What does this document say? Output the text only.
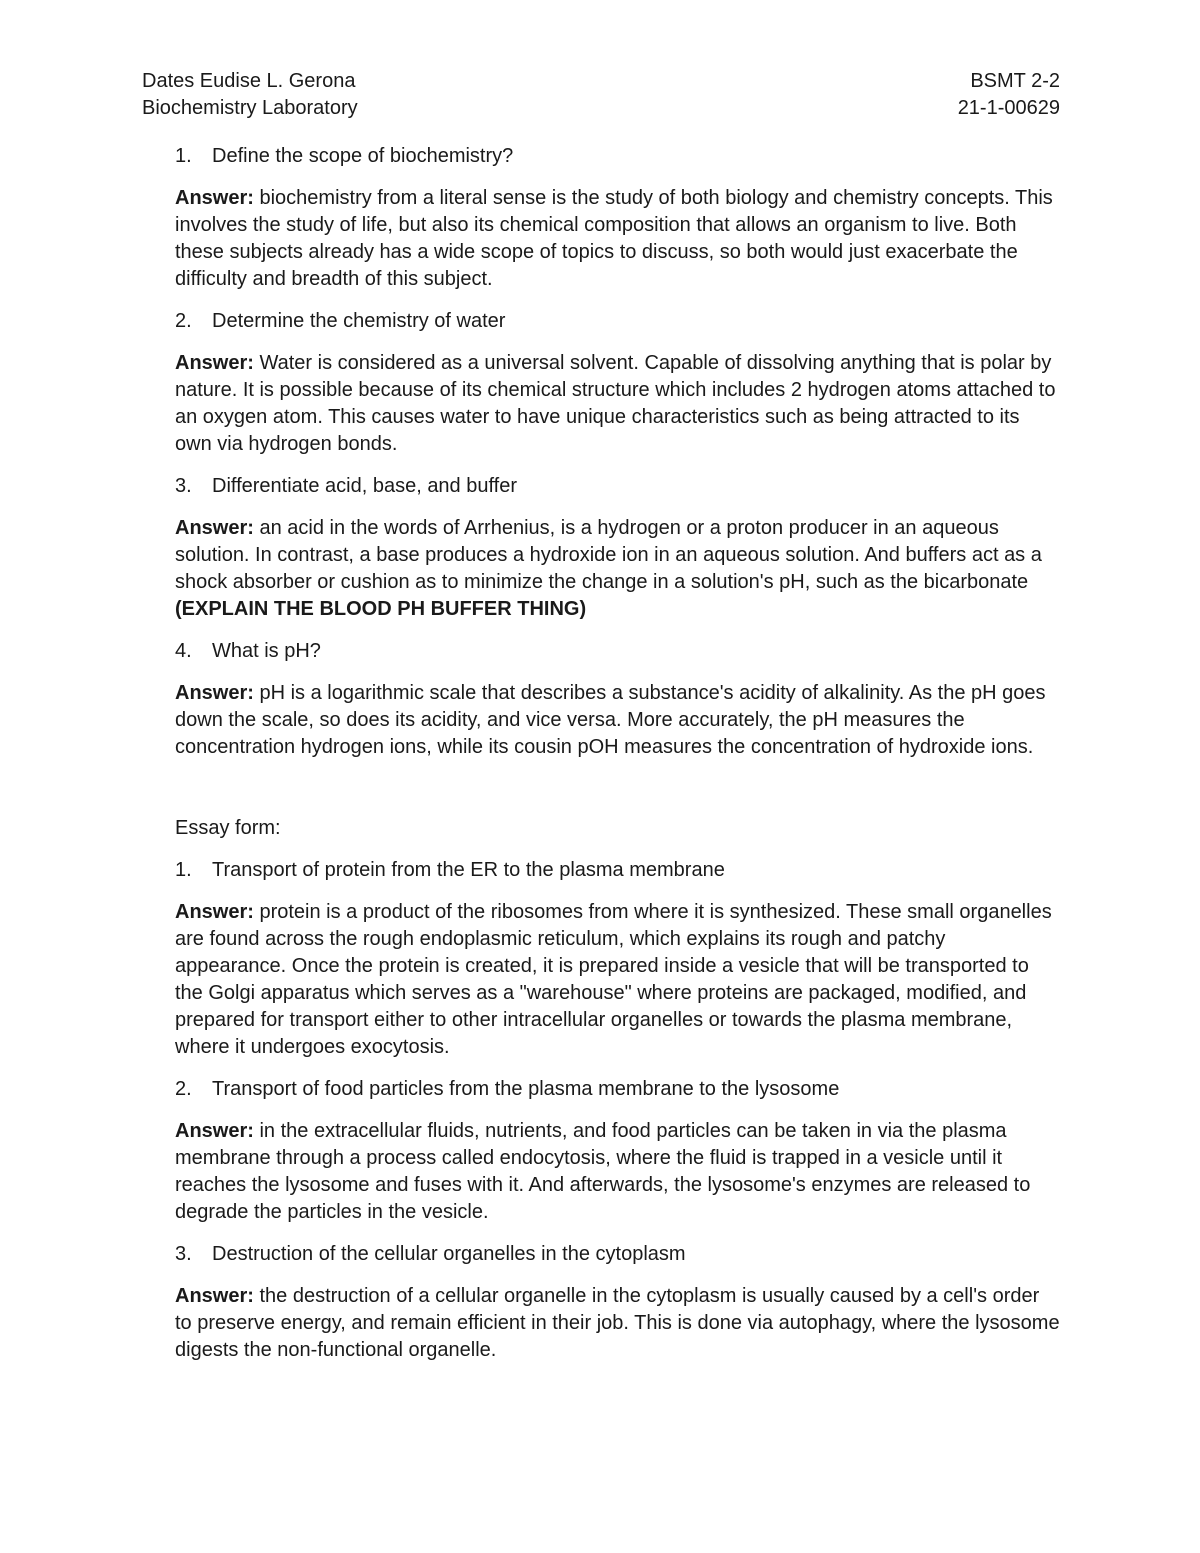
Dates Eudise L. Gerona	BSMT 2-2
Biochemistry Laboratory	21-1-00629
1.	Define the scope of biochemistry?
Answer: biochemistry from a literal sense is the study of both biology and chemistry concepts. This involves the study of life, but also its chemical composition that allows an organism to live. Both these subjects already has a wide scope of topics to discuss, so both would just exacerbate the difficulty and breadth of this subject.
2.	Determine the chemistry of water
Answer: Water is considered as a universal solvent. Capable of dissolving anything that is polar by nature. It is possible because of its chemical structure which includes 2 hydrogen atoms attached to an oxygen atom. This causes water to have unique characteristics such as being attracted to its own via hydrogen bonds.
3.	Differentiate acid, base, and buffer
Answer: an acid in the words of Arrhenius, is a hydrogen or a proton producer in an aqueous solution. In contrast, a base produces a hydroxide ion in an aqueous solution. And buffers act as a shock absorber or cushion as to minimize the change in a solution's pH, such as the bicarbonate (EXPLAIN THE BLOOD PH BUFFER THING)
4.	What is pH?
Answer: pH is a logarithmic scale that describes a substance's acidity of alkalinity. As the pH goes down the scale, so does its acidity, and vice versa. More accurately, the pH measures the concentration hydrogen ions, while its cousin pOH measures the concentration of hydroxide ions.
Essay form:
1.	Transport of protein from the ER to the plasma membrane
Answer: protein is a product of the ribosomes from where it is synthesized. These small organelles are found across the rough endoplasmic reticulum, which explains its rough and patchy appearance. Once the protein is created, it is prepared inside a vesicle that will be transported to the Golgi apparatus which serves as a "warehouse" where proteins are packaged, modified, and prepared for transport either to other intracellular organelles or towards the plasma membrane, where it undergoes exocytosis.
2.	Transport of food particles from the plasma membrane to the lysosome
Answer: in the extracellular fluids, nutrients, and food particles can be taken in via the plasma membrane through a process called endocytosis, where the fluid is trapped in a vesicle until it reaches the lysosome and fuses with it. And afterwards, the lysosome's enzymes are released to degrade the particles in the vesicle.
3.	Destruction of the cellular organelles in the cytoplasm
Answer: the destruction of a cellular organelle in the cytoplasm is usually caused by a cell's order to preserve energy, and remain efficient in their job. This is done via autophagy, where the lysosome digests the non-functional organelle.
